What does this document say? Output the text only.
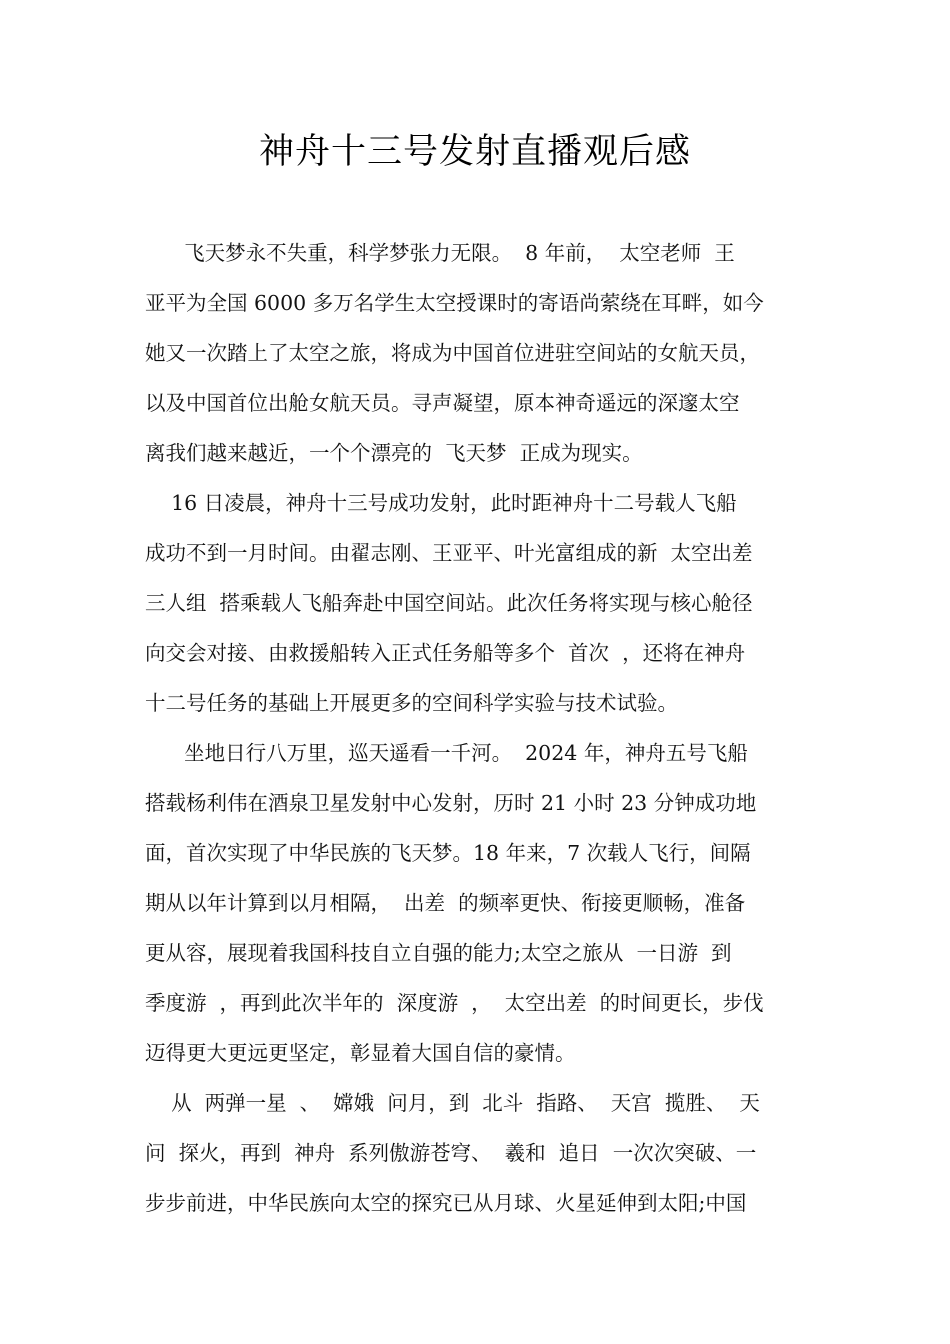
神舟十三号发射直播观后感
飞天梦永不失重，科学梦张力无限。  8 年前，  太空老师  王
亚平为全国 6000 多万名学生太空授课时的寄语尚萦绕在耳畔，如今
她又一次踏上了太空之旅，将成为中国首位进驻空间站的女航天员，
以及中国首位出舱女航天员。寻声凝望，原本神奇遥远的深邃太空
离我们越来越近，一个个漂亮的  飞天梦  正成为现实。
16 日凌晨，神舟十三号成功发射，此时距神舟十二号载人飞船
成功不到一月时间。由翟志刚、王亚平、叶光富组成的新  太空出差
三人组  搭乘载人飞船奔赴中国空间站。此次任务将实现与核心舱径
向交会对接、由救援船转入正式任务船等多个  首次  ，还将在神舟
十二号任务的基础上开展更多的空间科学实验与技术试验。
坐地日行八万里，巡天遥看一千河。  2024 年，神舟五号飞船
搭载杨利伟在酒泉卫星发射中心发射，历时 21 小时 23 分钟成功地
面，首次实现了中华民族的飞天梦。18 年来，7 次载人飞行，间隔
期从以年计算到以月相隔，  出差  的频率更快、衔接更顺畅，准备
更从容，展现着我国科技自立自强的能力;太空之旅从  一日游  到
季度游  ，再到此次半年的  深度游  ，  太空出差  的时间更长，步伐
迈得更大更远更坚定，彰显着大国自信的豪情。
从  两弹一星  、  嫦娥  问月，到  北斗  指路、  天宫  揽胜、  天
问  探火，再到  神舟  系列傲游苍穹、  羲和  追日  一次次突破、一
步步前进，中华民族向太空的探究已从月球、火星延伸到太阳;中国
